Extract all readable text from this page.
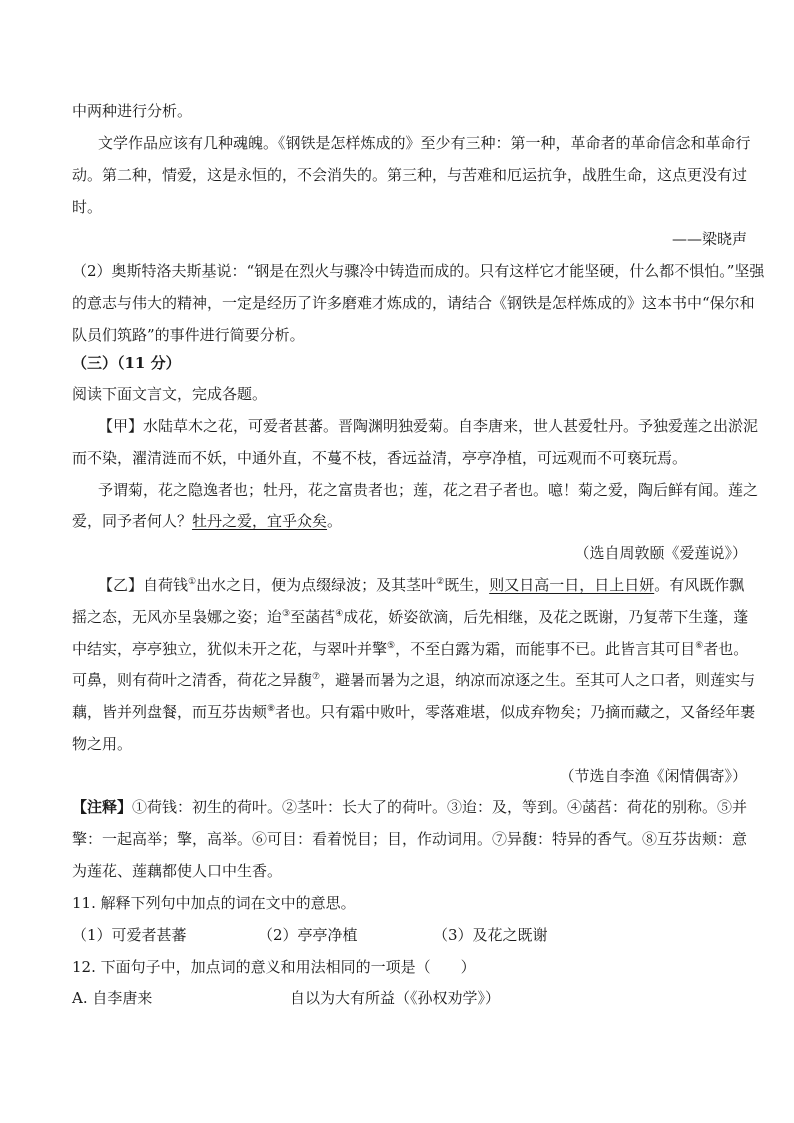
中两种进行分析。
文学作品应该有几种魂魄。《钢铁是怎样炼成的》至少有三种：第一种，革命者的革命信念和革命行
动。第二种，情爱，这是永恒的，不会消失的。第三种，与苦难和厄运抗争，战胜生命，这点更没有过
时。
——梁晓声
（2）奥斯特洛夫斯基说：“钢是在烈火与骤冷中铸造而成的。只有这样它才能坚硬，什么都不惧怕。”坚强
的意志与伟大的精神，一定是经历了许多磨难才炼成的，请结合《钢铁是怎样炼成的》这本书中“保尔和
队员们筑路”的事件进行简要分析。
（三）（11 分）
阅读下面文言文，完成各题。
【甲】水陆草木之花，可爱者甚蕃。晋陶渊明独爱菊。自李唐来，世人甚爱牡丹。予独爱莲之出淤泥
而不染，濯清涟而不妖，中通外直，不蔓不枝，香远益清，亭亭净植，可远观而不可亵玩焉。
予谓菊，花之隐逸者也；牡丹，花之富贵者也；莲，花之君子者也。噫！菊之爱，陶后鲜有闻。莲之
爱，同予者何人？牡丹之爱，宜乎众矣。
（选自周敦颐《爱莲说》）
【乙】自荷钱①出水之日，便为点缀绿波；及其茎叶②既生，则又日高一日，日上日妍。有风既作飘
摇之态，无风亦呈袅娜之姿；迨③至菡萏④成花，娇姿欲滴，后先相继，及花之既谢，乃复蒂下生蓬，蓬
中结实，亭亭独立，犹似未开之花，与翠叶并擎⑤，不至白露为霜，而能事不已。此皆言其可目⑥者也。
可鼻，则有荷叶之清香，荷花之异馥⑦，避暑而暑为之退，纳凉而凉逐之生。至其可人之口者，则莲实与
藕，皆并列盘餐，而互芬齿颊⑧者也。只有霜中败叶，零落难堪，似成弃物矣；乃摘而藏之，又备经年裹
物之用。
（节选自李渔《闲情偶寄》）
【注释】①荷钱：初生的荷叶。②茎叶：长大了的荷叶。③迨：及，等到。④菡萏：荷花的别称。⑤并
擎：一起高举；擎，高举。⑥可目：看着悦目；目，作动词用。⑦异馥：特异的香气。⑧互芬齿颊：意
为莲花、莲藕都使人口中生香。
11. 解释下列句中加点的词在文中的意思。
（1）可爱者甚蕃	（2）亭亭净植	（3）及花之既谢
12. 下面句子中，加点词的意义和用法相同的一项是（　　）
A. 自李唐来	自以为大有所益（《孙权劝学》）
